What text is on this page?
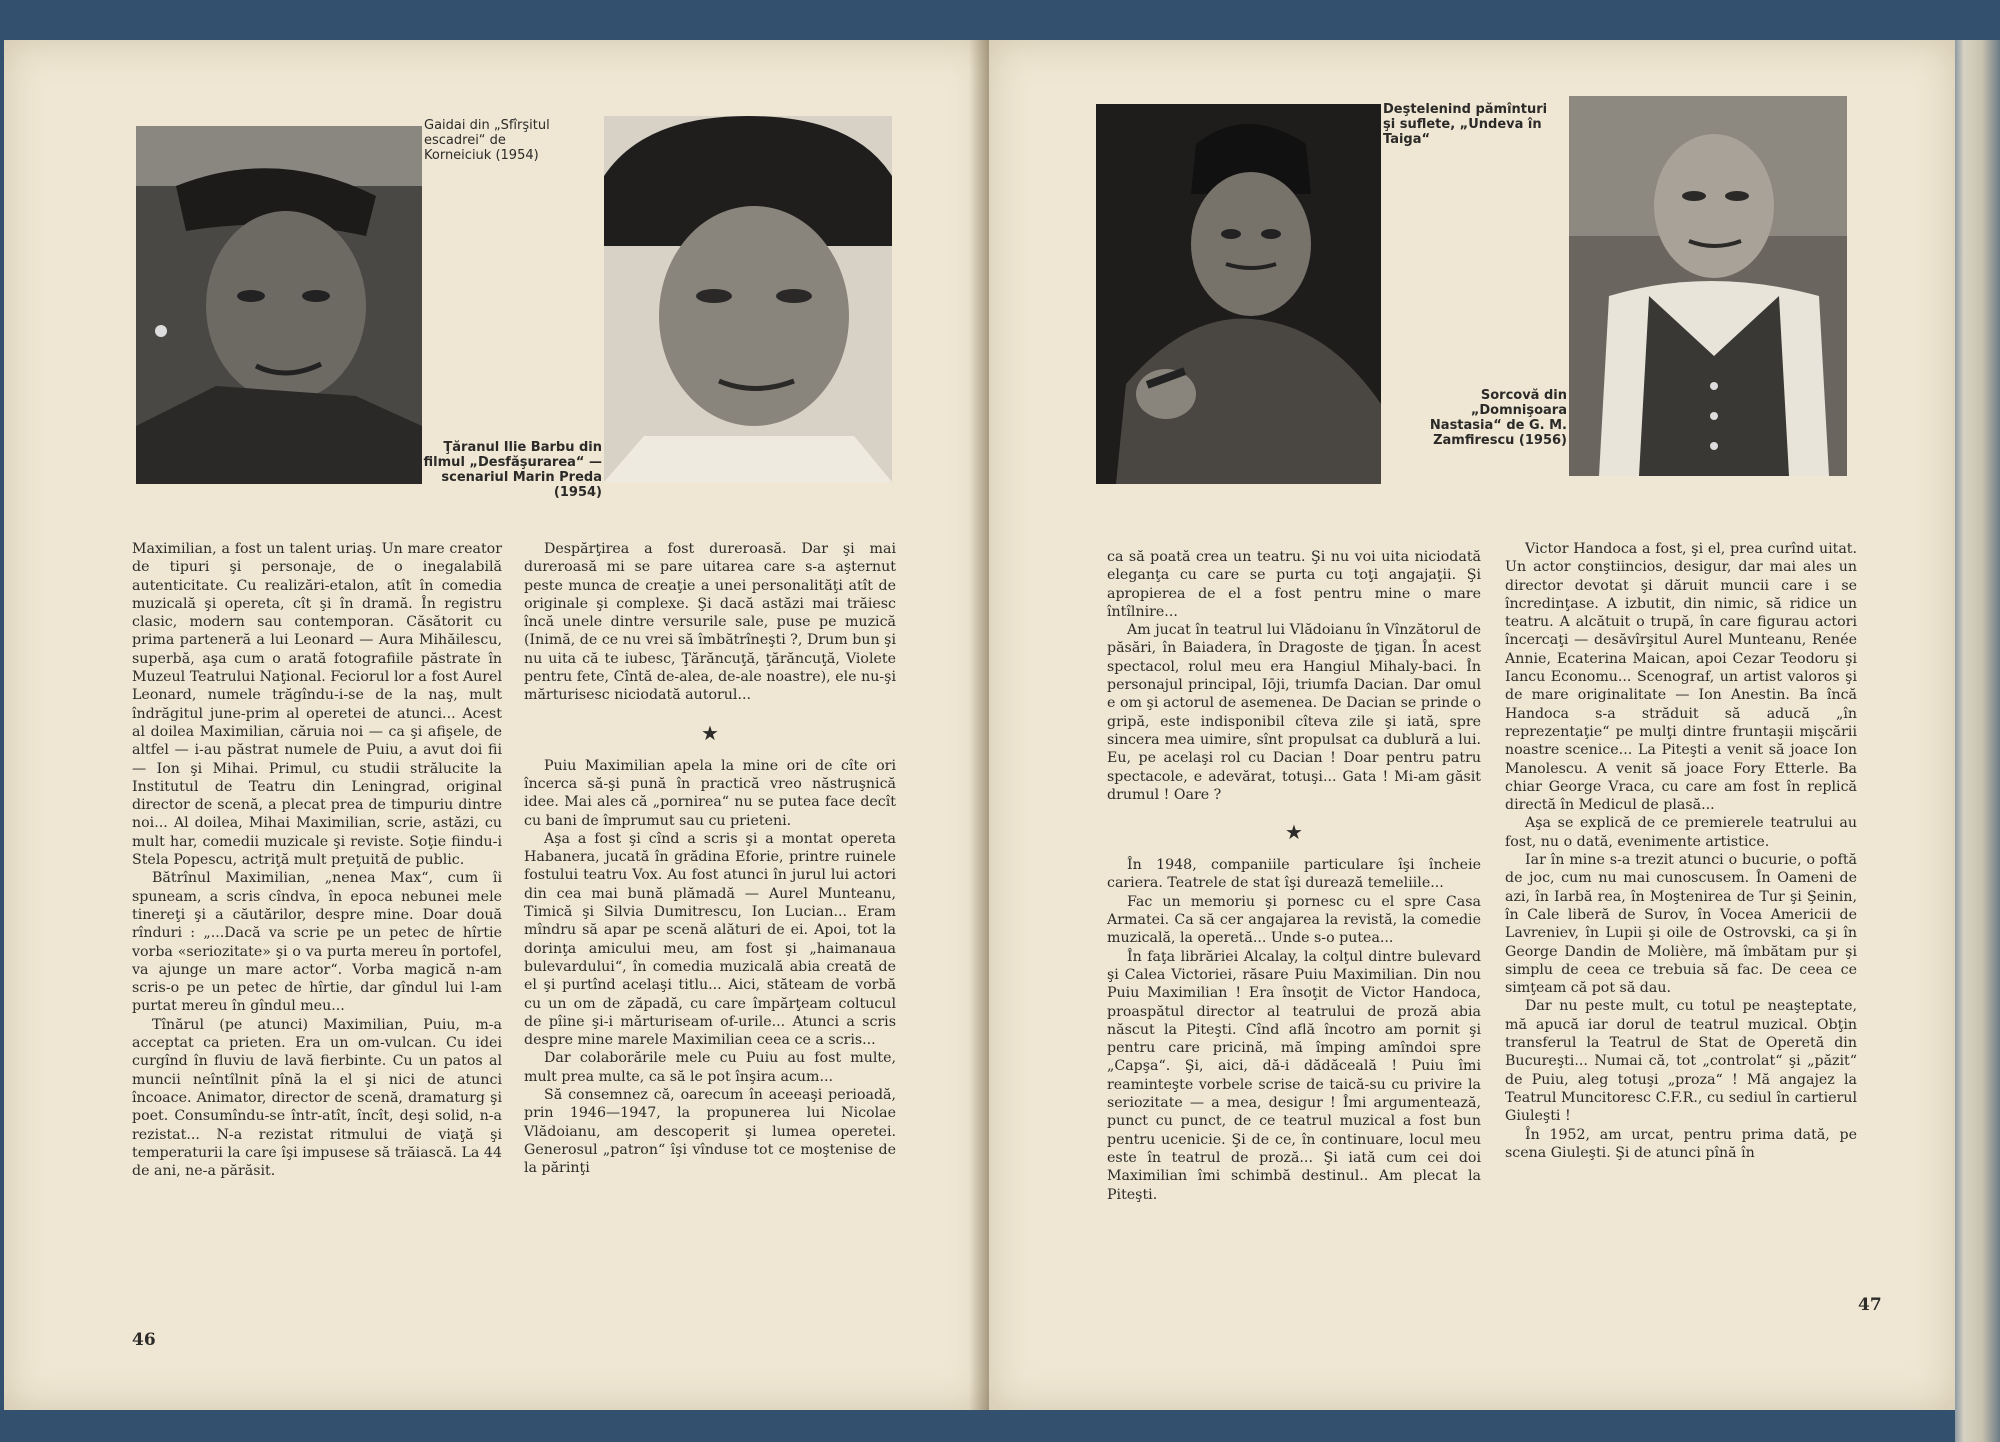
Gaidai din „Sfîrşitul escadrei“ de Korneiciuk (1954)
Ţăranul Ilie Barbu din filmul „Desfăşurarea“ — scenariul Marin Preda (1954)

Maximilian, a fost un talent uriaş. Un mare creator de tipuri şi personaje, de o inegalabilă autenticitate. Cu realizări-etalon, atît în comedia muzicală şi opereta, cît şi în dramă. În registru clasic, modern sau contemporan. Căsătorit cu prima parteneră a lui Leonard — Aura Mihăilescu, superbă, aşa cum o arată fotografiile păstrate în Muzeul Teatrului Naţional. Feciorul lor a fost Aurel Leonard, numele trăgîndu-i-se de la naş, mult îndrăgitul june-prim al operetei de atunci... Acest al doilea Maximilian, căruia noi — ca şi afişele, de altfel — i-au păstrat numele de Puiu, a avut doi fii — Ion şi Mihai. Primul, cu studii strălucite la Institutul de Teatru din Leningrad, original director de scenă, a plecat prea de timpuriu dintre noi... Al doilea, Mihai Maximilian, scrie, astăzi, cu mult har, comedii muzicale şi reviste. Soţie fiindu-i Stela Popescu, actriţă mult preţuită de public.

Bătrînul Maximilian, „nenea Max“, cum îi spuneam, a scris cîndva, în epoca nebunei mele tinereţi şi a căutărilor, despre mine. Doar două rînduri : „...Dacă va scrie pe un petec de hîrtie vorba «seriozitate» şi o va purta mereu în portofel, va ajunge un mare actor“. Vorba magică n-am scris-o pe un petec de hîrtie, dar gîndul lui l-am purtat mereu în gîndul meu...

Tînărul (pe atunci) Maximilian, Puiu, m-a acceptat ca prieten. Era un om-vulcan. Cu idei curgînd în fluviu de lavă fierbinte. Cu un patos al muncii neîntîlnit pînă la el şi nici de atunci încoace. Animator, director de scenă, dramaturg şi poet. Consumîndu-se într-atît, încît, deşi solid, n-a rezistat... N-a rezistat ritmului de viaţă şi temperaturii la care îşi impusese să trăiască. La 44 de ani, ne-a părăsit.

Despărţirea a fost dureroasă. Dar şi mai dureroasă mi se pare uitarea care s-a aşternut peste munca de creaţie a unei personalităţi atît de originale şi complexe. Şi dacă astăzi mai trăiesc încă unele dintre versurile sale, puse pe muzică (Inimă, de ce nu vrei să îmbătrîneşti ?, Drum bun şi nu uita că te iubesc, Ţărăncuţă, ţărăncuţă, Violete pentru fete, Cîntă de-alea, de-ale noastre), ele nu-şi mărturisesc niciodată autorul...

★

Puiu Maximilian apela la mine ori de cîte ori încerca să-şi pună în practică vreo năstruşnică idee. Mai ales că „pornirea“ nu se putea face decît cu bani de împrumut sau cu prieteni.

Aşa a fost şi cînd a scris şi a montat opereta Habanera, jucată în grădina Eforie, printre ruinele fostului teatru Vox. Au fost atunci în jurul lui actori din cea mai bună plămadă — Aurel Munteanu, Timică şi Silvia Dumitrescu, Ion Lucian... Eram mîndru să apar pe scenă alături de ei. Apoi, tot la dorinţa amicului meu, am fost şi „haimanaua bulevardului“, în comedia muzicală abia creată de el şi purtînd acelaşi titlu... Aici, stăteam de vorbă cu un om de zăpadă, cu care împărţeam coltucul de pîine şi-i mărturiseam of-urile... Atunci a scris despre mine marele Maximilian ceea ce a scris...

Dar colaborările mele cu Puiu au fost multe, mult prea multe, ca să le pot înşira acum...

Să consemnez că, oarecum în aceeaşi perioadă, prin 1946—1947, la propunerea lui Nicolae Vlădoianu, am descoperit şi lumea operetei. Generosul „patron“ îşi vînduse tot ce moştenise de la părinţi

46
Deştelenind pămînturi şi suflete, „Undeva în Taiga“
Sorcovă din „Domnişoara Nastasia“ de G. M. Zamfirescu (1956)

ca să poată crea un teatru. Şi nu voi uita niciodată eleganţa cu care se purta cu toţi angajaţii. Şi apropierea de el a fost pentru mine o mare întîlnire...

Am jucat în teatrul lui Vlădoianu în Vînzătorul de păsări, în Baiadera, în Dragoste de ţigan. În acest spectacol, rolul meu era Hangiul Mihaly-baci. În personajul principal, Iōji, triumfa Dacian. Dar omul e om şi actorul de asemenea. De Dacian se prinde o gripă, este indisponibil cîteva zile şi iată, spre sincera mea uimire, sînt propulsat ca dublură a lui. Eu, pe acelaşi rol cu Dacian ! Doar pentru patru spectacole, e adevărat, totuşi... Gata ! Mi-am găsit drumul ! Oare ?

★

În 1948, companiile particulare îşi încheie cariera. Teatrele de stat îşi durează temeliile...

Fac un memoriu şi pornesc cu el spre Casa Armatei. Ca să cer angajarea la revistă, la comedie muzicală, la operetă... Unde s-o putea...

În faţa librăriei Alcalay, la colţul dintre bulevard şi Calea Victoriei, răsare Puiu Maximilian. Din nou Puiu Maximilian ! Era însoţit de Victor Handoca, proaspătul director al teatrului de proză abia născut la Piteşti. Cînd află încotro am pornit şi pentru care pricină, mă împing amîndoi spre „Capşa“. Şi, aici, dă-i dădăceală ! Puiu îmi reaminteşte vorbele scrise de taică-su cu privire la seriozitate — a mea, desigur ! Îmi argumentează, punct cu punct, de ce teatrul muzical a fost bun pentru ucenicie. Şi de ce, în continuare, locul meu este în teatrul de proză... Şi iată cum cei doi Maximilian îmi schimbă destinul.. Am plecat la Piteşti.

Victor Handoca a fost, şi el, prea curînd uitat. Un actor conştiincios, desigur, dar mai ales un director devotat şi dăruit muncii care i se încredinţase. A izbutit, din nimic, să ridice un teatru. A alcătuit o trupă, în care figurau actori încercaţi — desăvîrşitul Aurel Munteanu, Renée Annie, Ecaterina Maican, apoi Cezar Teodoru şi Iancu Economu... Scenograf, un artist valoros şi de mare originalitate — Ion Anestin. Ba încă Handoca s-a străduit să aducă „în reprezentaţie“ pe mulţi dintre fruntaşii mişcării noastre scenice... La Piteşti a venit să joace Ion Manolescu. A venit să joace Fory Etterle. Ba chiar George Vraca, cu care am fost în replică directă în Medicul de plasă...

Aşa se explică de ce premierele teatrului au fost, nu o dată, evenimente artistice.

Iar în mine s-a trezit atunci o bucurie, o poftă de joc, cum nu mai cunoscusem. În Oameni de azi, în Iarbă rea, în Moştenirea de Tur şi Şeinin, în Cale liberă de Surov, în Vocea Americii de Lavreniev, în Lupii şi oile de Ostrovski, ca şi în George Dandin de Molière, mă îmbătam pur şi simplu de ceea ce trebuia să fac. De ceea ce simţeam că pot să dau.

Dar nu peste mult, cu totul pe neaşteptate, mă apucă iar dorul de teatrul muzical. Obţin transferul la Teatrul de Stat de Operetă din Bucureşti... Numai că, tot „controlat“ şi „păzit“ de Puiu, aleg totuşi „proza“ ! Mă angajez la Teatrul Muncitoresc C.F.R., cu sediul în cartierul Giuleşti !

În 1952, am urcat, pentru prima dată, pe scena Giuleşti. Şi de atunci pînă în

47
